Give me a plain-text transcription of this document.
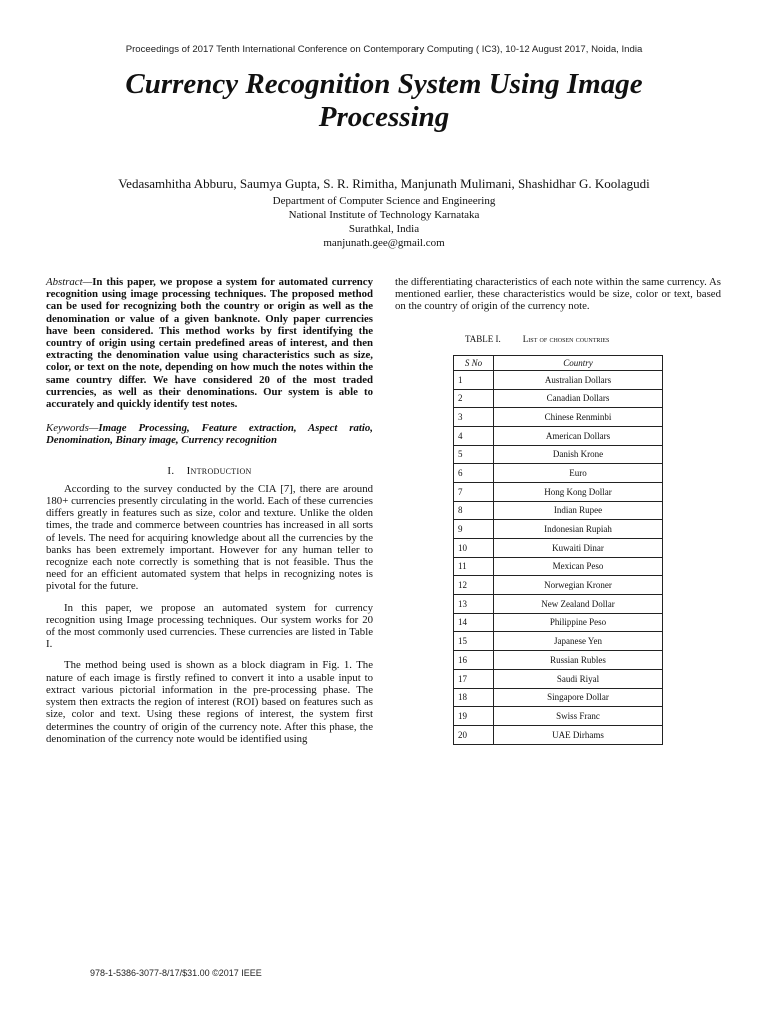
Proceedings of 2017 Tenth International Conference on Contemporary Computing ( IC3), 10-12 August 2017, Noida, India
Currency Recognition System Using Image Processing
Vedasamhitha Abburu, Saumya Gupta, S. R. Rimitha, Manjunath Mulimani, Shashidhar G. Koolagudi
Department of Computer Science and Engineering
National Institute of Technology Karnataka
Surathkal, India
manjunath.gee@gmail.com

Abstract—In this paper, we propose a system for automated currency recognition using image processing techniques. The proposed method can be used for recognizing both the country or origin as well as the denomination or value of a given banknote. Only paper currencies have been considered. This method works by first identifying the country of origin using certain predefined areas of interest, and then extracting the denomination value using characteristics such as size, color, or text on the note, depending on how much the notes within the same country differ. We have considered 20 of the most traded currencies, as well as their denominations. Our system is able to accurately and quickly identify test notes.

Keywords—Image Processing, Feature extraction, Aspect ratio, Denomination, Binary image, Currency recognition

I. Introduction

According to the survey conducted by the CIA [7], there are around 180+ currencies presently circulating in the world. Each of these currencies differs greatly in features such as size, color and texture. Unlike the olden times, the trade and commerce between countries has increased in all sorts of levels. The need for acquiring knowledge about all the currencies by the banks has been extremely important. However for any human teller to recognize each note correctly is something that is not feasible. Thus the need for an efficient automated system that helps in recognizing notes is pivotal for the future.

In this paper, we propose an automated system for currency recognition using Image processing techniques. Our system works for 20 of the most commonly used currencies. These currencies are listed in Table I.

The method being used is shown as a block diagram in Fig. 1. The nature of each image is firstly refined to convert it into a usable input to extract various pictorial information in the pre-processing phase. The system then extracts the region of interest (ROI) based on features such as size, color and text. Using these regions of interest, the system first determines the country of origin of the currency note. After this phase, the denomination of the currency note would be identified using

the differentiating characteristics of each note within the same currency. As mentioned earlier, these characteristics would be size, color or text, based on the country of origin of the currency note.

TABLE I. List of chosen countries
S No	Country
1	Australian Dollars
2	Canadian Dollars
3	Chinese Renminbi
4	American Dollars
5	Danish Krone
6	Euro
7	Hong Kong Dollar
8	Indian Rupee
9	Indonesian Rupiah
10	Kuwaiti Dinar
11	Mexican Peso
12	Norwegian Kroner
13	New Zealand Dollar
14	Philippine Peso
15	Japanese Yen
16	Russian Rubles
17	Saudi Riyal
18	Singapore Dollar
19	Swiss Franc
20	UAE Dirhams
978-1-5386-3077-8/17/$31.00 ©2017 IEEE
